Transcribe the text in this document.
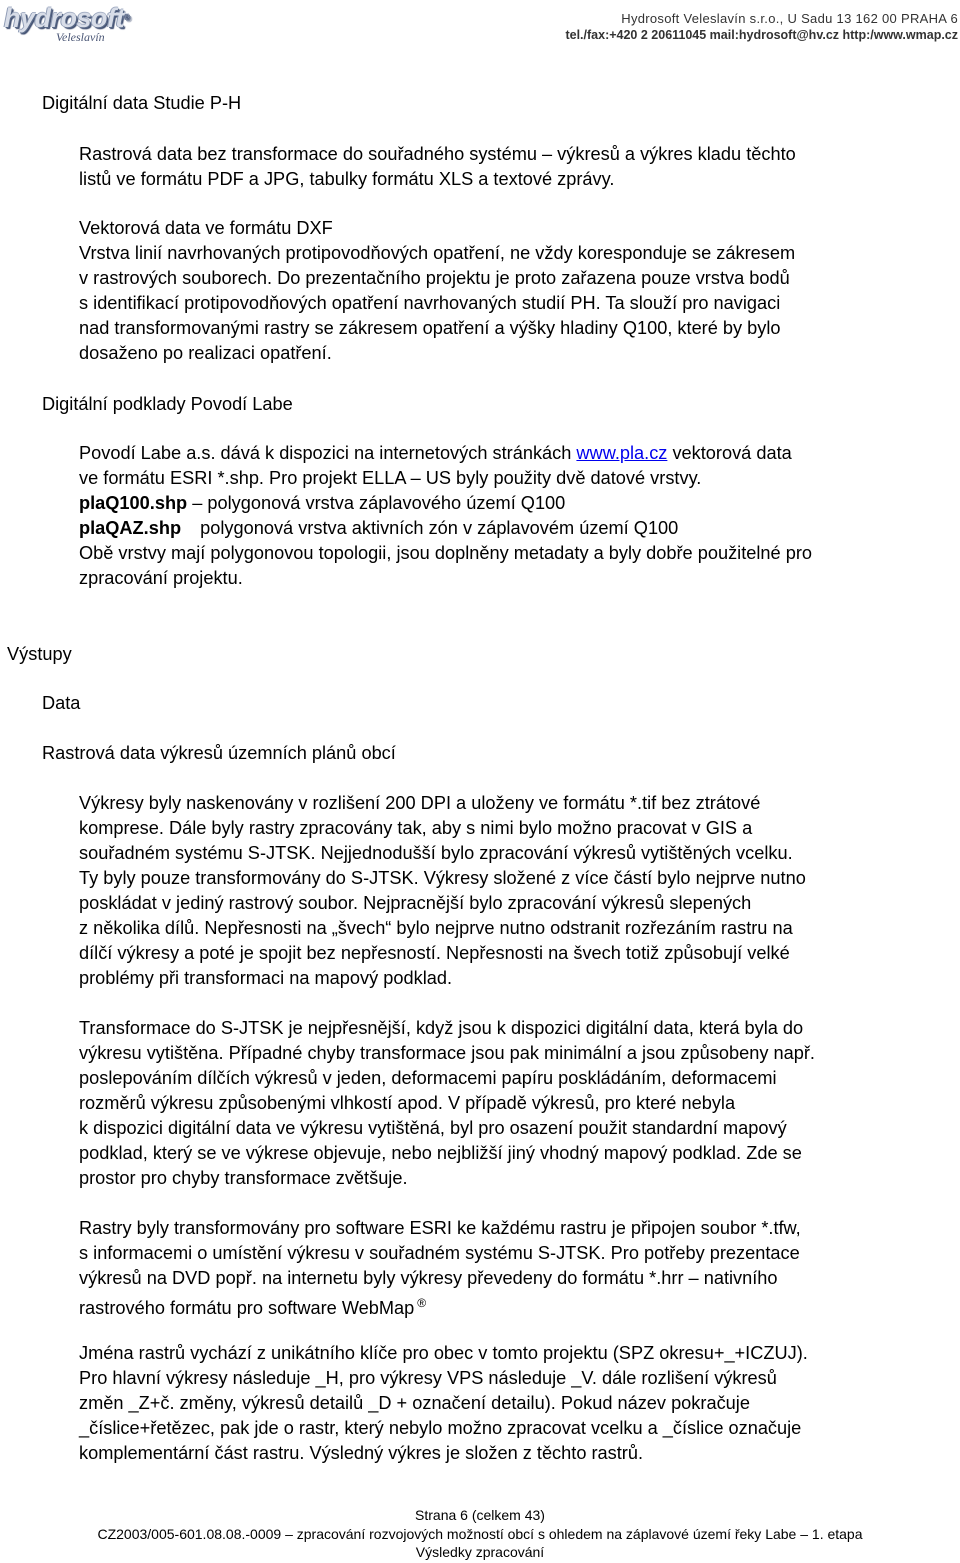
hydrosoft®
Veleslavín
Hydrosoft Veleslavín s.r.o., U Sadu 13 162 00 PRAHA 6
tel./fax:+420 2 20611045 mail:hydrosoft@hv.cz http:/www.wmap.cz
Digitální data Studie P-H
Rastrová data bez transformace do souřadného systému – výkresů a výkres kladu těchto
listů ve formátu PDF a JPG, tabulky formátu XLS a textové zprávy.
Vektorová data ve formátu DXF
Vrstva linií navrhovaných protipovodňových opatření, ne vždy koresponduje se zákresem
v rastrových souborech. Do prezentačního projektu je proto zařazena pouze vrstva bodů
s identifikací protipovodňových opatření navrhovaných studií PH. Ta slouží pro navigaci
nad transformovanými rastry se zákresem opatření a výšky hladiny Q100, které by bylo
dosaženo po realizaci opatření.
Digitální podklady Povodí Labe
Povodí Labe a.s. dává k dispozici na internetových stránkách www.pla.cz vektorová data
ve formátu ESRI *.shp. Pro projekt ELLA – US byly použity dvě datové vrstvy.
plaQ100.shp – polygonová vrstva záplavového území Q100
plaQAZ.shp polygonová vrstva aktivních zón v záplavovém území Q100
Obě vrstvy mají polygonovou topologii, jsou doplněny metadaty a byly dobře použitelné pro
zpracování projektu.
Výstupy
Data
Rastrová data výkresů územních plánů obcí
Výkresy byly naskenovány v rozlišení 200 DPI a uloženy ve formátu *.tif bez ztrátové
komprese. Dále byly rastry zpracovány tak, aby s nimi bylo možno pracovat v GIS a
souřadném systému S-JTSK. Nejjednodušší bylo zpracování výkresů vytištěných vcelku.
Ty byly pouze transformovány do S-JTSK. Výkresy složené z více částí bylo nejprve nutno
poskládat v jediný rastrový soubor. Nejpracnější bylo zpracování výkresů slepených
z několika dílů. Nepřesnosti na „švech“ bylo nejprve nutno odstranit rozřezáním rastru na
dílčí výkresy a poté je spojit bez nepřesností. Nepřesnosti na švech totiž způsobují velké
problémy při transformaci na mapový podklad.
Transformace do S-JTSK je nejpřesnější, když jsou k dispozici digitální data, která byla do
výkresu vytištěna. Případné chyby transformace jsou pak minimální a jsou způsobeny např.
poslepováním dílčích výkresů v jeden, deformacemi papíru poskládáním, deformacemi
rozměrů výkresu způsobenými vlhkostí apod. V případě výkresů, pro které nebyla
k dispozici digitální data ve výkresu vytištěná, byl pro osazení použit standardní mapový
podklad, který se ve výkrese objevuje, nebo nejbližší jiný vhodný mapový podklad. Zde se
prostor pro chyby transformace zvětšuje.
Rastry byly transformovány pro software ESRI ke každému rastru je připojen soubor *.tfw,
s informacemi o umístění výkresu v souřadném systému S-JTSK. Pro potřeby prezentace
výkresů na DVD popř. na internetu byly výkresy převedeny do formátu *.hrr – nativního
rastrového formátu pro software WebMap ®
Jména rastrů vychází z unikátního klíče pro obec v tomto projektu (SPZ okresu+_+ICZUJ).
Pro hlavní výkresy následuje _H, pro výkresy VPS následuje _V. dále rozlišení výkresů
změn _Z+č. změny, výkresů detailů _D + označení detailu). Pokud název pokračuje
_číslice+řetězec, pak jde o rastr, který nebylo možno zpracovat vcelku a _číslice označuje
komplementární část rastru. Výsledný výkres je složen z těchto rastrů.
Strana 6 (celkem 43)
CZ2003/005-601.08.08.-0009 – zpracování rozvojových možností obcí s ohledem na záplavové území řeky Labe – 1. etapa
Výsledky zpracování
